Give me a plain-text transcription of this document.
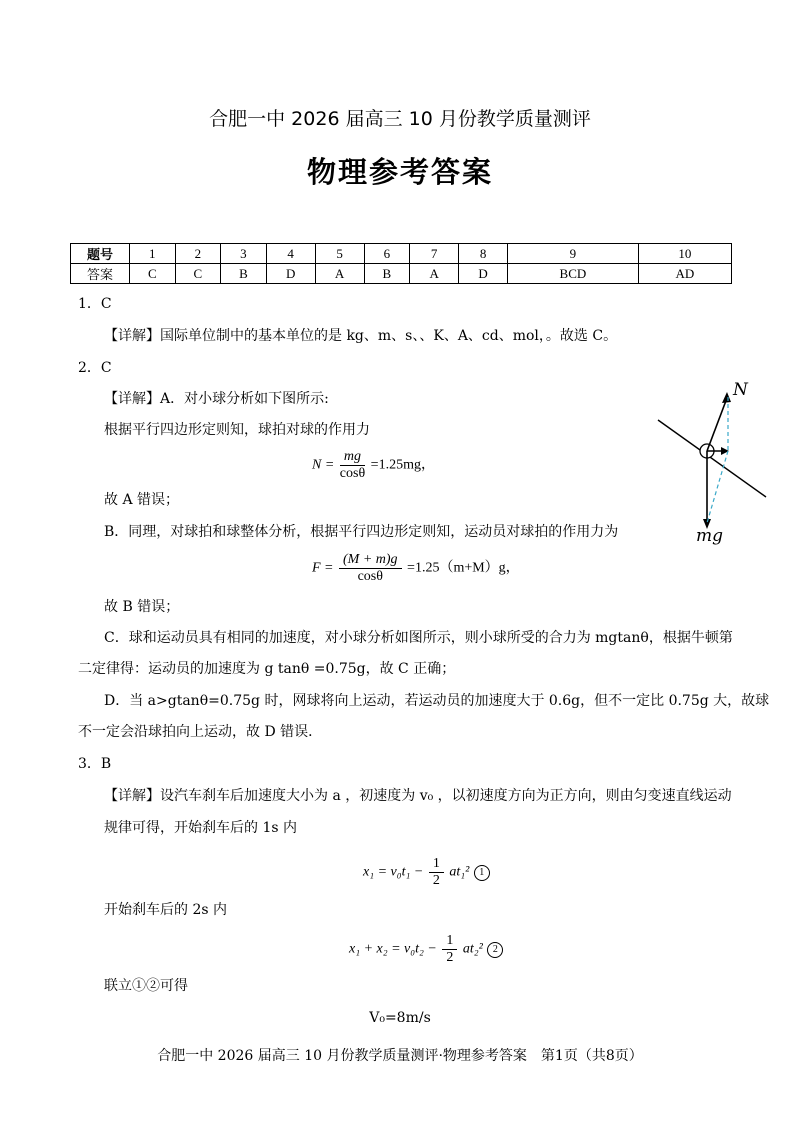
合肥一中 2026 届高三 10 月份教学质量测评
物理参考答案
题号	1	2	3	4	5	6	7	8	9	10
答案	C	C	B	D	A	B	A	D	BCD	AD
1．C
【详解】国际单位制中的基本单位的是 kg、m、s、、K、A、cd、mol，。故选 C。
2．C
【详解】A．对小球分析如下图所示:
根据平行四边形定则知，球拍对球的作用力
$N = \frac{mg}{\cos\theta} =1.25mg$，
故 A 错误；
B．同理，对球拍和球整体分析，根据平行四边形定则知，运动员对球拍的作用力为
$F = \frac{(M + m)g}{\cos\theta} =1.25(m+M)g$，
故 B 错误；
C．球和运动员具有相同的加速度，对小球分析如图所示，则小球所受的合力为 mgtanθ，根据牛顿第
二定律得：运动员的加速度为 g tanθ =0.75g，故 C 正确；
D．当 a>gtanθ=0.75g 时，网球将向上运动，若运动员的加速度大于 0.6g，但不一定比 0.75g 大，故球
不一定会沿球拍向上运动，故 D 错误．
N
mg
3．B
【详解】设汽车刹车后加速度大小为 a ，初速度为 v₀ ，以初速度方向为正方向，则由匀变速直线运动
规律可得，开始刹车后的 1s 内
$x_1 = v_0t_1 - \frac{1}{2} at_1^2$ 1
开始刹车后的 2s 内
$x_1 + x_2 = v_0t_2 - \frac{1}{2} at_2^2$ 2
联立①②可得
V₀=8m/s
合肥一中 2026 届高三 10 月份教学质量测评·物理参考答案　第1页（共8页）
